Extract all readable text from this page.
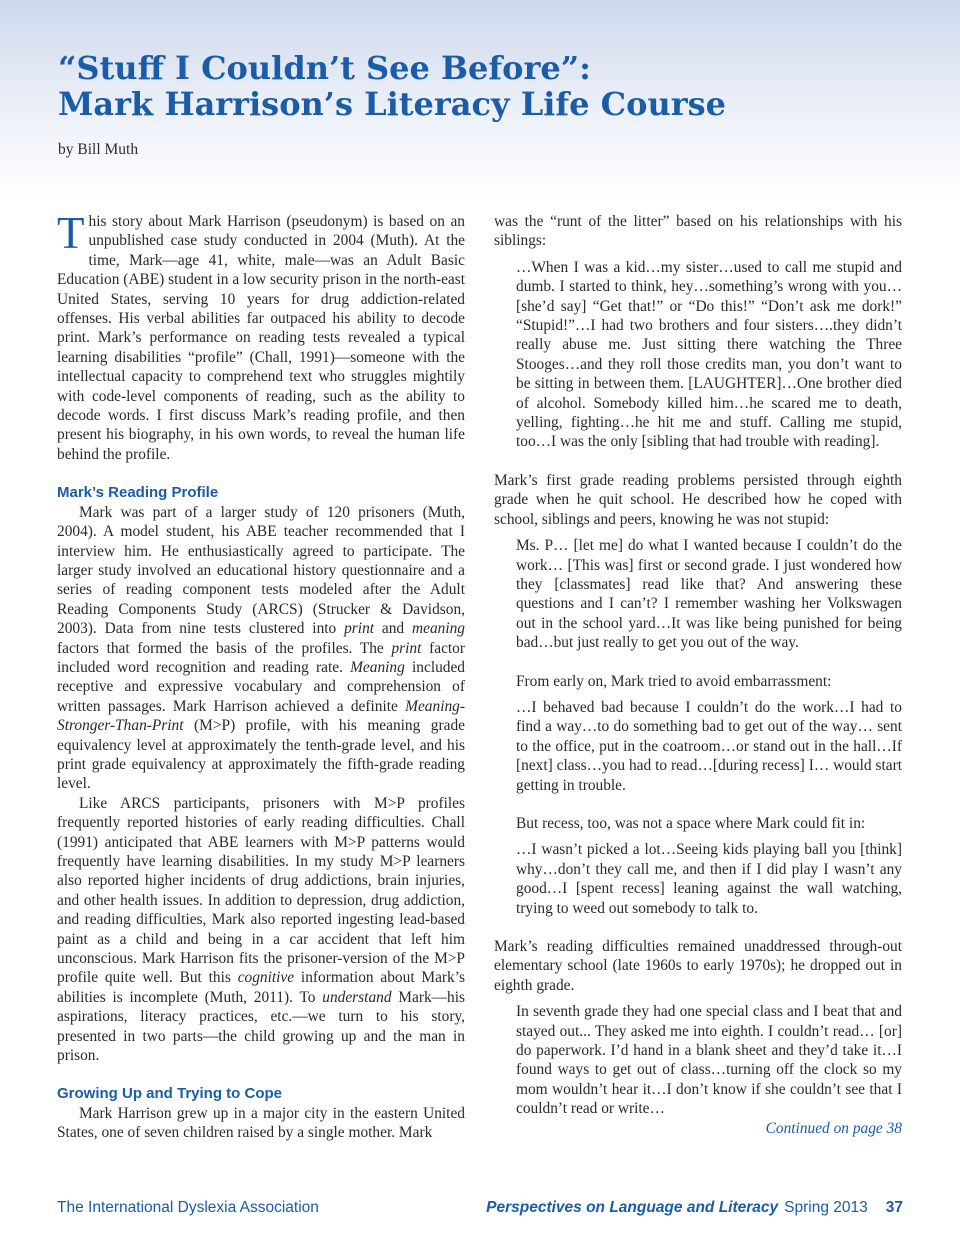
“Stuff I Couldn’t See Before”:
Mark Harrison’s Literacy Life Course
by Bill Muth

This story about Mark Harrison (pseudonym) is based on an unpublished case study conducted in 2004 (Muth). At the time, Mark—age 41, white, male—was an Adult Basic Education (ABE) student in a low security prison in the north-east United States, serving 10 years for drug addiction-related offenses. His verbal abilities far outpaced his ability to decode print. Mark’s performance on reading tests revealed a typical learning disabilities “profile” (Chall, 1991)—someone with the intellectual capacity to comprehend text who struggles mightily with code-level components of reading, such as the ability to decode words. I first discuss Mark’s reading profile, and then present his biography, in his own words, to reveal the human life behind the profile.

Mark’s Reading Profile

Mark was part of a larger study of 120 prisoners (Muth, 2004). A model student, his ABE teacher recommended that I interview him. He enthusiastically agreed to participate. The larger study involved an educational history questionnaire and a series of reading component tests modeled after the Adult Reading Components Study (ARCS) (Strucker & Davidson, 2003). Data from nine tests clustered into print and meaning factors that formed the basis of the profiles. The print factor included word recognition and reading rate. Meaning included receptive and expressive vocabulary and comprehension of written passages. Mark Harrison achieved a definite Meaning-Stronger-Than-Print (M>P) profile, with his meaning grade equivalency level at approximately the tenth-grade level, and his print grade equivalency at approximately the fifth-grade reading level.

Like ARCS participants, prisoners with M>P profiles frequently reported histories of early reading difficulties. Chall (1991) anticipated that ABE learners with M>P patterns would frequently have learning disabilities. In my study M>P learners also reported higher incidents of drug addictions, brain injuries, and other health issues. In addition to depression, drug addiction, and reading difficulties, Mark also reported ingesting lead-based paint as a child and being in a car accident that left him unconscious. Mark Harrison fits the prisoner-version of the M>P profile quite well. But this cognitive information about Mark’s abilities is incomplete (Muth, 2011). To understand Mark—his aspirations, literacy practices, etc.—we turn to his story, presented in two parts—the child growing up and the man in prison.

Growing Up and Trying to Cope

Mark Harrison grew up in a major city in the eastern United States, one of seven children raised by a single mother. Mark

was the “runt of the litter” based on his relationships with his siblings:

…When I was a kid…my sister…used to call me stupid and dumb. I started to think, hey…something’s wrong with you… [she’d say] “Get that!” or “Do this!” “Don’t ask me dork!” “Stupid!”…I had two brothers and four sisters….they didn’t really abuse me. Just sitting there watching the Three Stooges…and they roll those credits man, you don’t want to be sitting in between them. [LAUGHTER]…One brother died of alcohol. Somebody killed him…he scared me to death, yelling, fighting…he hit me and stuff. Calling me stupid, too…I was the only [sibling that had trouble with reading].

Mark’s first grade reading problems persisted through eighth grade when he quit school. He described how he coped with school, siblings and peers, knowing he was not stupid:

Ms. P… [let me] do what I wanted because I couldn’t do the work… [This was] first or second grade. I just wondered how they [classmates] read like that? And answering these questions and I can’t? I remember washing her Volkswagen out in the school yard…It was like being punished for being bad…but just really to get you out of the way.

From early on, Mark tried to avoid embarrassment:

…I behaved bad because I couldn’t do the work…I had to find a way…to do something bad to get out of the way… sent to the office, put in the coatroom…or stand out in the hall…If [next] class…you had to read…[during recess] I… would start getting in trouble.

But recess, too, was not a space where Mark could fit in:

…I wasn’t picked a lot…Seeing kids playing ball you [think] why…don’t they call me, and then if I did play I wasn’t any good…I [spent recess] leaning against the wall watching, trying to weed out somebody to talk to.

Mark’s reading difficulties remained unaddressed through-out elementary school (late 1960s to early 1970s); he dropped out in eighth grade.

In seventh grade they had one special class and I beat that and stayed out... They asked me into eighth. I couldn’t read… [or] do paperwork. I’d hand in a blank sheet and they’d take it…I found ways to get out of class…turning off the clock so my mom wouldn’t hear it…I don’t know if she couldn’t see that I couldn’t read or write…

Continued on page 38

The International Dyslexia Association	Perspectives on Language and Literacy Spring 2013 37
